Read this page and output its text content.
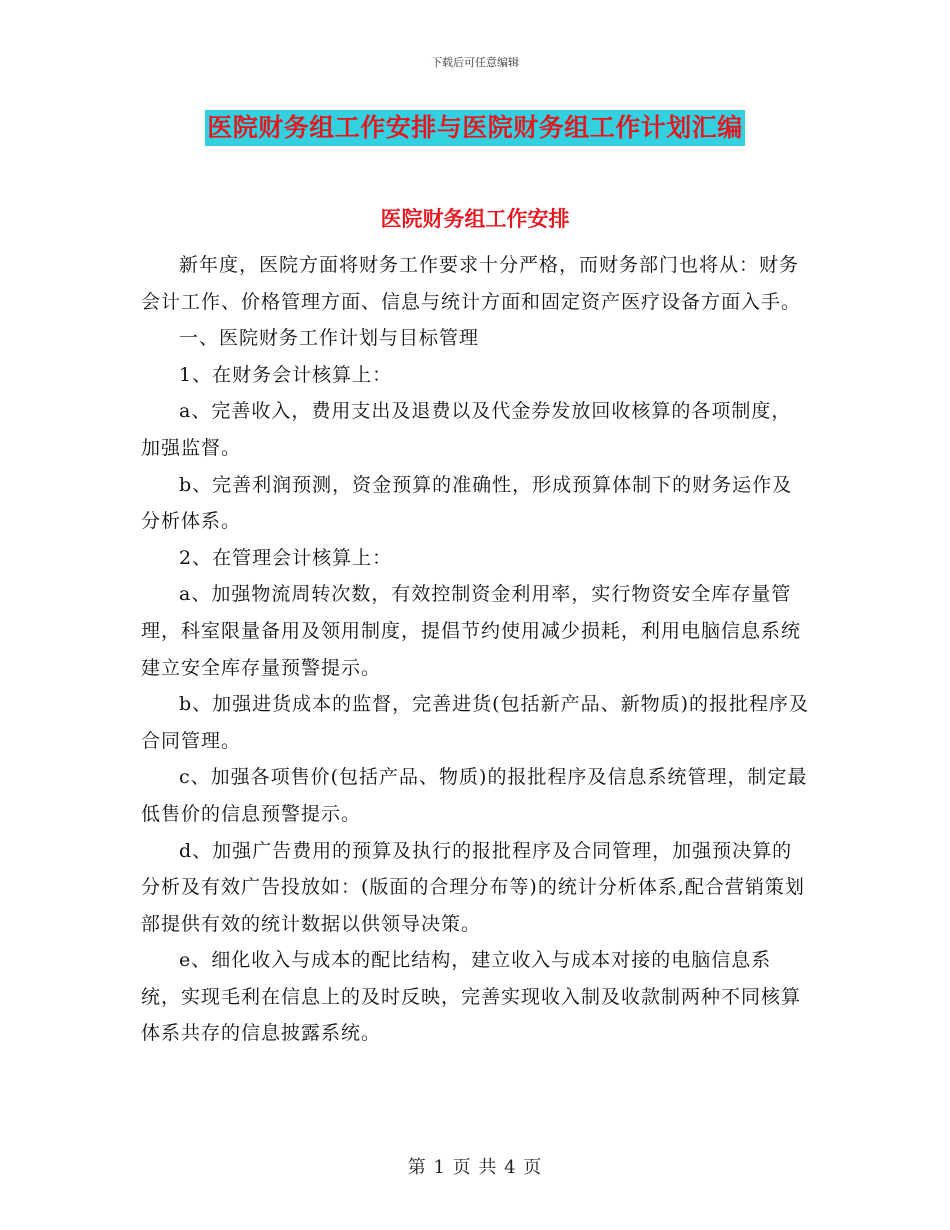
下载后可任意编辑
医院财务组工作安排与医院财务组工作计划汇编
医院财务组工作安排

新年度，医院方面将财务工作要求十分严格，而财务部门也将从：财务会计工作、价格管理方面、信息与统计方面和固定资产医疗设备方面入手。

一、医院财务工作计划与目标管理

1、在财务会计核算上：

a、完善收入，费用支出及退费以及代金券发放回收核算的各项制度，加强监督。

b、完善利润预测，资金预算的准确性，形成预算体制下的财务运作及分析体系。

2、在管理会计核算上：

a、加强物流周转次数，有效控制资金利用率，实行物资安全库存量管理，科室限量备用及领用制度，提倡节约使用减少损耗，利用电脑信息系统建立安全库存量预警提示。

b、加强进货成本的监督，完善进货(包括新产品、新物质)的报批程序及合同管理。

c、加强各项售价(包括产品、物质)的报批程序及信息系统管理，制定最低售价的信息预警提示。

d、加强广告费用的预算及执行的报批程序及合同管理，加强预决算的分析及有效广告投放如：(版面的合理分布等)的统计分析体系,配合营销策划部提供有效的统计数据以供领导决策。

e、细化收入与成本的配比结构，建立收入与成本对接的电脑信息系统，实现毛利在信息上的及时反映，完善实现收入制及收款制两种不同核算体系共存的信息披露系统。

第 1 页 共 4 页
